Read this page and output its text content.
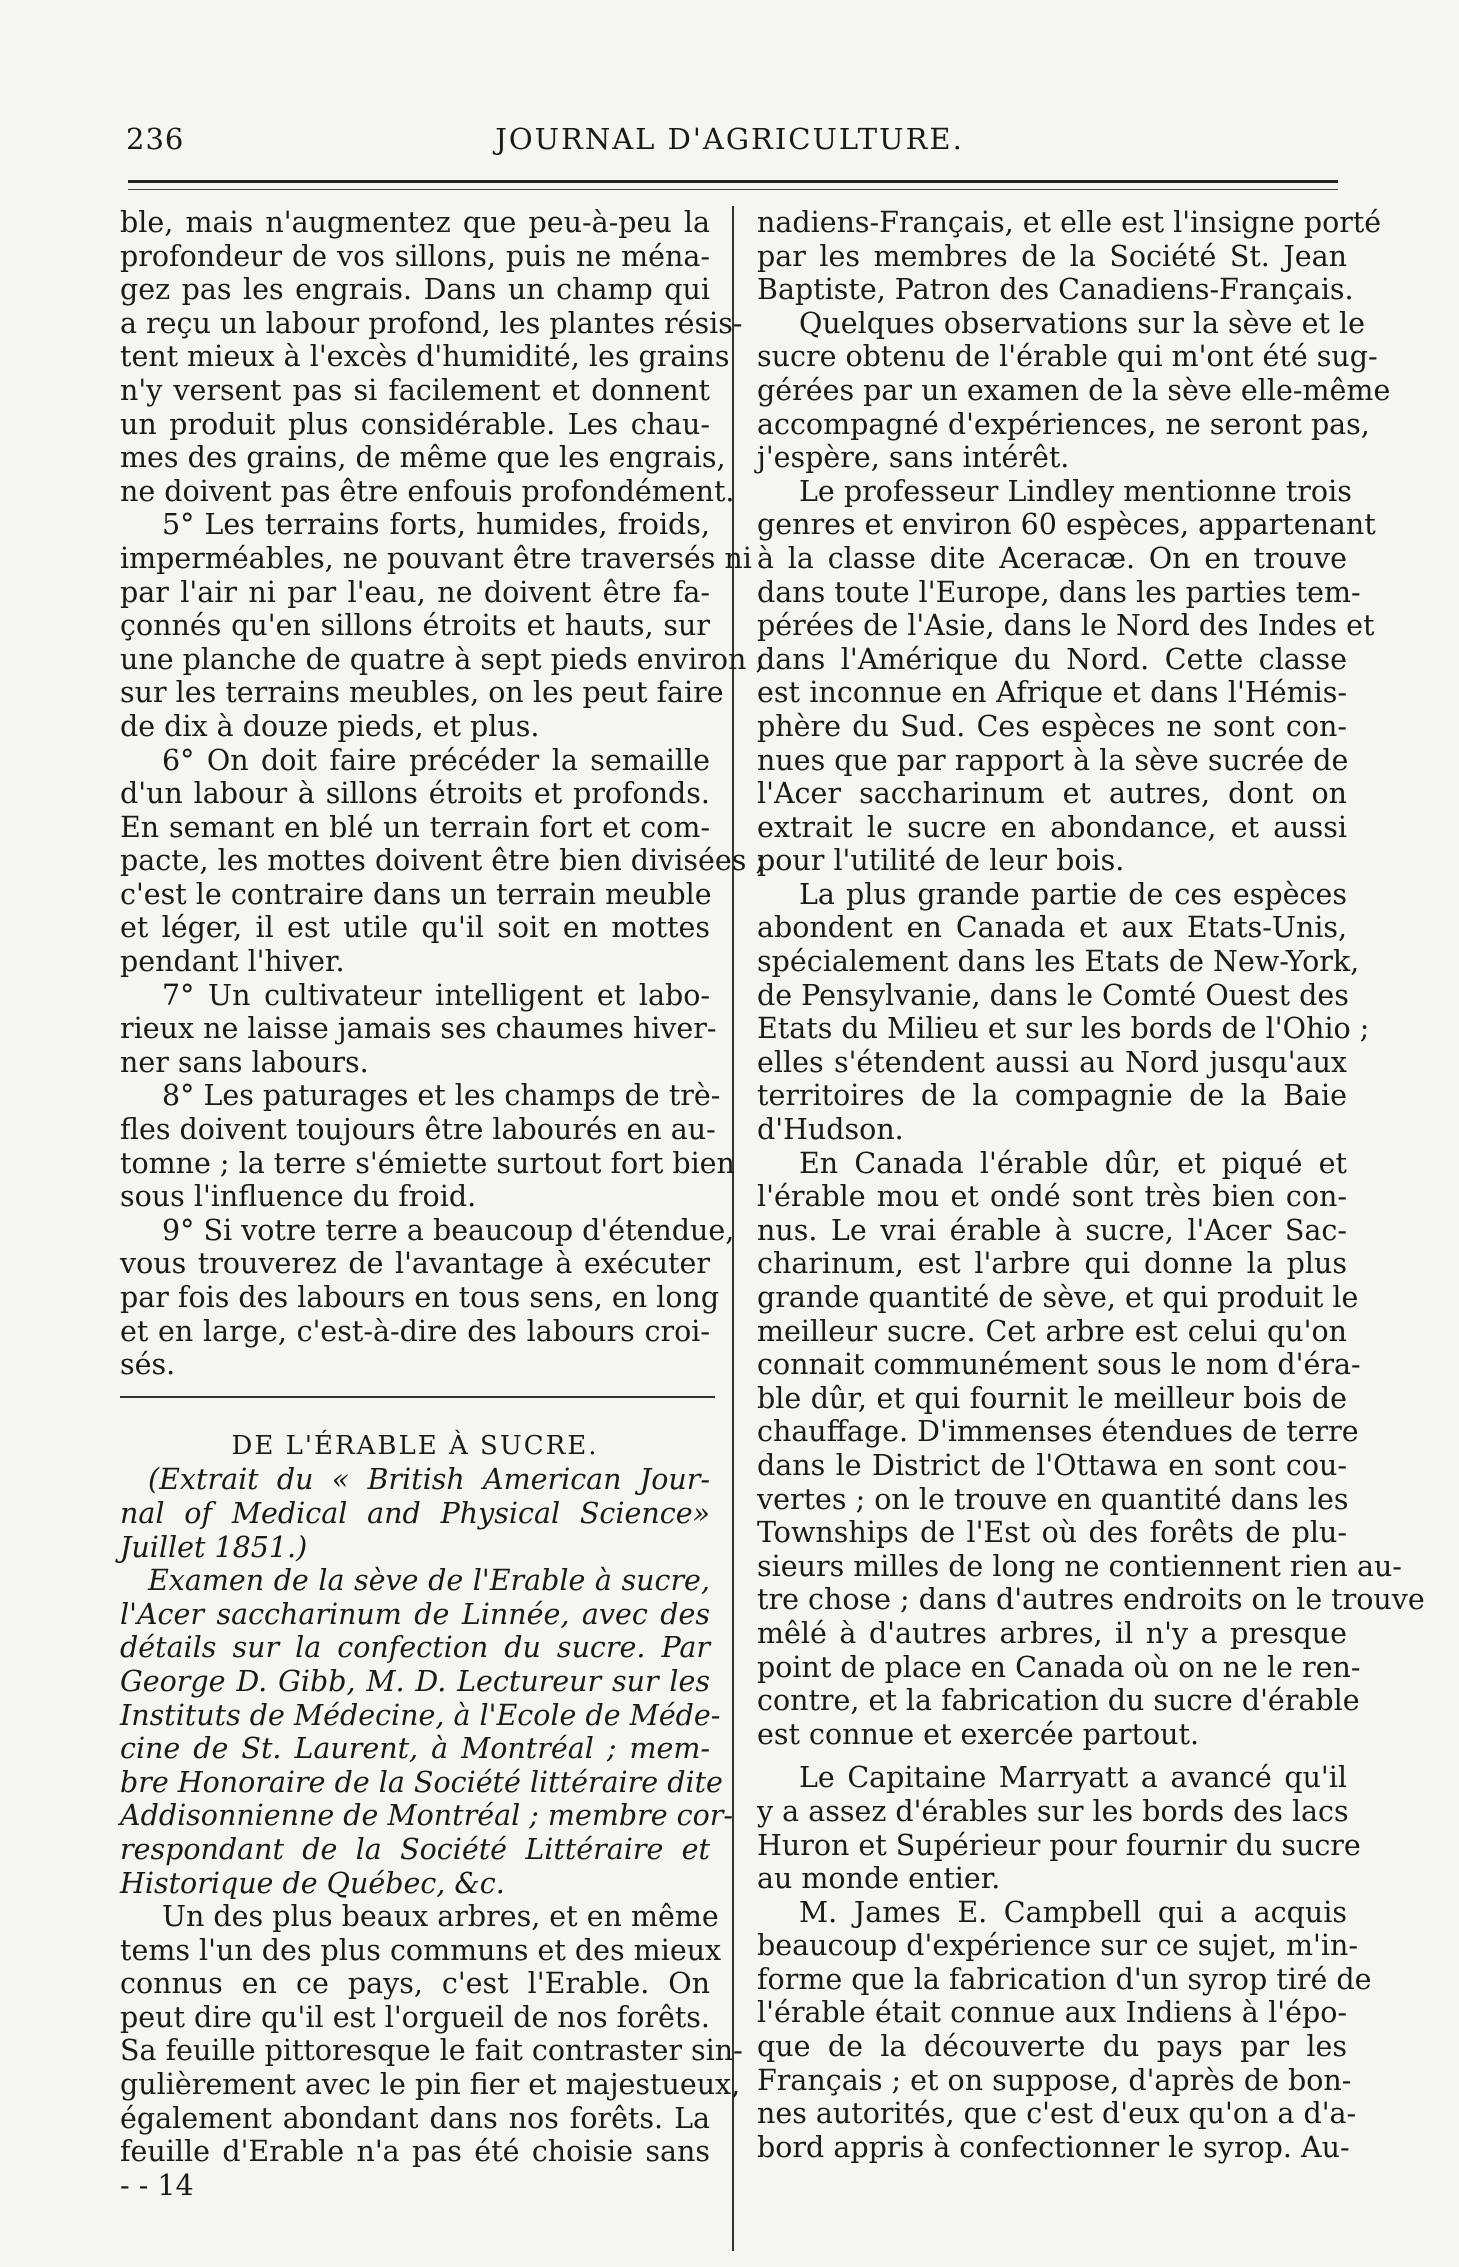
236	JOURNAL D'AGRICULTURE.
ble, mais n'augmentez que peu-à-peu la
profondeur de vos sillons, puis ne ména-
gez pas les engrais. Dans un champ qui
a reçu un labour profond, les plantes résis-
tent mieux à l'excès d'humidité, les grains
n'y versent pas si facilement et donnent
un produit plus considérable. Les chau-
mes des grains, de même que les engrais,
ne doivent pas être enfouis profondément.
5° Les terrains forts, humides, froids,
imperméables, ne pouvant être traversés ni
par l'air ni par l'eau, ne doivent être fa-
çonnés qu'en sillons étroits et hauts, sur
une planche de quatre à sept pieds environ ;
sur les terrains meubles, on les peut faire
de dix à douze pieds, et plus.
6° On doit faire précéder la semaille
d'un labour à sillons étroits et profonds.
En semant en blé un terrain fort et com-
pacte, les mottes doivent être bien divisées ;
c'est le contraire dans un terrain meuble
et léger, il est utile qu'il soit en mottes
pendant l'hiver.
7° Un cultivateur intelligent et labo-
rieux ne laisse jamais ses chaumes hiver-
ner sans labours.
8° Les paturages et les champs de trè-
fles doivent toujours être labourés en au-
tomne ; la terre s'émiette surtout fort bien
sous l'influence du froid.
9° Si votre terre a beaucoup d'étendue,
vous trouverez de l'avantage à exécuter
par fois des labours en tous sens, en long
et en large, c'est-à-dire des labours croi-
sés.
DE L'ÉRABLE À SUCRE.
(Extrait du « British American Jour-
nal of Medical and Physical Science»
Juillet 1851.)
Examen de la sève de l'Erable à sucre,
l'Acer saccharinum de Linnée, avec des
détails sur la confection du sucre. Par
George D. Gibb, M. D. Lectureur sur les
Instituts de Médecine, à l'Ecole de Méde-
cine de St. Laurent, à Montréal ; mem-
bre Honoraire de la Société littéraire dite
Addisonnienne de Montréal ; membre cor-
respondant de la Société Littéraire et
Historique de Québec, &c.
Un des plus beaux arbres, et en même
tems l'un des plus communs et des mieux
connus en ce pays, c'est l'Erable. On
peut dire qu'il est l'orgueil de nos forêts.
Sa feuille pittoresque le fait contraster sin-
gulièrement avec le pin fier et majestueux,
également abondant dans nos forêts. La
feuille d'Erable n'a pas été choisie sans
- - 14
nadiens-Français, et elle est l'insigne porté
par les membres de la Société St. Jean
Baptiste, Patron des Canadiens-Français.
Quelques observations sur la sève et le
sucre obtenu de l'érable qui m'ont été sug-
gérées par un examen de la sève elle-même
accompagné d'expériences, ne seront pas,
j'espère, sans intérêt.
Le professeur Lindley mentionne trois
genres et environ 60 espèces, appartenant
à la classe dite Aceracæ. On en trouve
dans toute l'Europe, dans les parties tem-
pérées de l'Asie, dans le Nord des Indes et
dans l'Amérique du Nord. Cette classe
est inconnue en Afrique et dans l'Hémis-
phère du Sud. Ces espèces ne sont con-
nues que par rapport à la sève sucrée de
l'Acer saccharinum et autres, dont on
extrait le sucre en abondance, et aussi
pour l'utilité de leur bois.
La plus grande partie de ces espèces
abondent en Canada et aux Etats-Unis,
spécialement dans les Etats de New-York,
de Pensylvanie, dans le Comté Ouest des
Etats du Milieu et sur les bords de l'Ohio ;
elles s'étendent aussi au Nord jusqu'aux
territoires de la compagnie de la Baie
d'Hudson.
En Canada l'érable dûr, et piqué et
l'érable mou et ondé sont très bien con-
nus. Le vrai érable à sucre, l'Acer Sac-
charinum, est l'arbre qui donne la plus
grande quantité de sève, et qui produit le
meilleur sucre. Cet arbre est celui qu'on
connait communément sous le nom d'éra-
ble dûr, et qui fournit le meilleur bois de
chauffage. D'immenses étendues de terre
dans le District de l'Ottawa en sont cou-
vertes ; on le trouve en quantité dans les
Townships de l'Est où des forêts de plu-
sieurs milles de long ne contiennent rien au-
tre chose ; dans d'autres endroits on le trouve
mêlé à d'autres arbres, il n'y a presque
point de place en Canada où on ne le ren-
contre, et la fabrication du sucre d'érable
est connue et exercée partout.
Le Capitaine Marryatt a avancé qu'il
y a assez d'érables sur les bords des lacs
Huron et Supérieur pour fournir du sucre
au monde entier.
M. James E. Campbell qui a acquis
beaucoup d'expérience sur ce sujet, m'in-
forme que la fabrication d'un syrop tiré de
l'érable était connue aux Indiens à l'épo-
que de la découverte du pays par les
Français ; et on suppose, d'après de bon-
nes autorités, que c'est d'eux qu'on a d'a-
bord appris à confectionner le syrop. Au-
